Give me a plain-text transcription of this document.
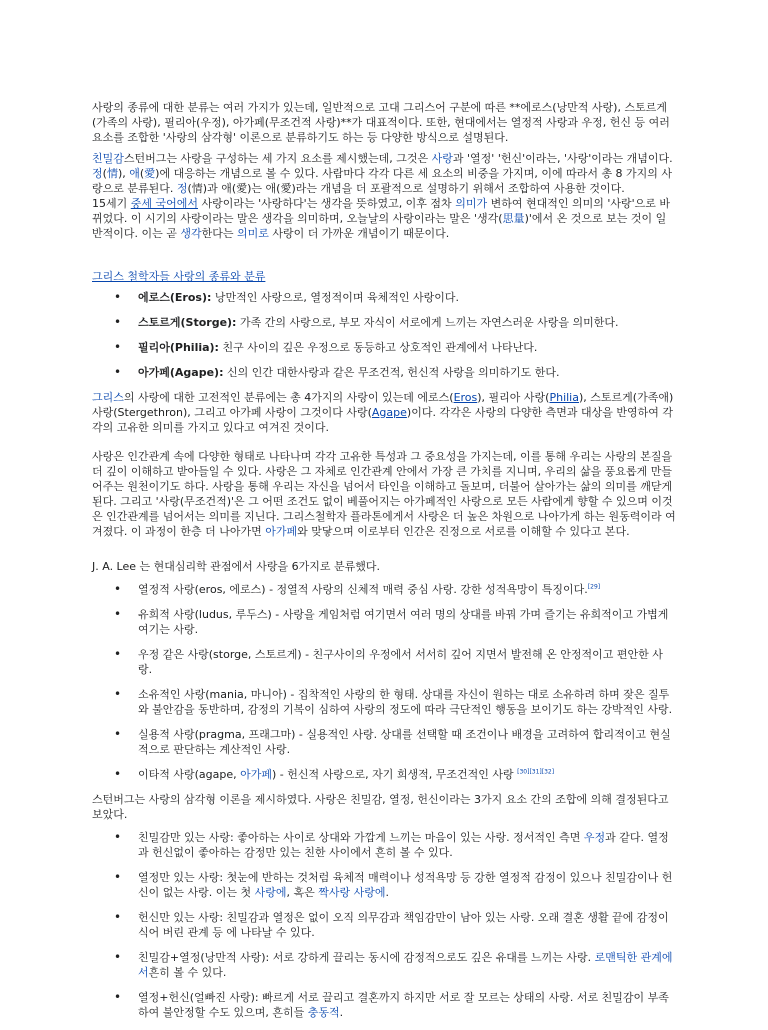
사랑의 종류에 대한 분류는 여러 가지가 있는데, 일반적으로 고대 그리스어 구분에 따른 **에로스(낭만적 사랑), 스토르게(가족의 사랑), 필리아(우정), 아가페(무조건적 사랑)**가 대표적이다. 또한, 현대에서는 열정적 사랑과 우정, 헌신 등 여러 요소를 조합한 '사랑의 삼각형' 이론으로 분류하기도 하는 등 다양한 방식으로 설명된다.

친밀감스턴버그는 사랑을 구성하는 세 가지 요소를 제시했는데, 그것은 사랑과 '열정' '헌신'이라는, '사랑'이라는 개념이다. 정(情), 애(愛)에 대응하는 개념으로 볼 수 있다. 사람마다 각각 다른 세 요소의 비중을 가지며, 이에 따라서 총 8 가지의 사랑으로 분류된다. 정(情)과 애(愛)는 애(愛)라는 개념을 더 포괄적으로 설명하기 위해서 조합하여 사용한 것이다.

15세기 중세 국어에서 사랑이라는 '사랑하다'는 생각을 뜻하였고, 이후 점차 의미가 변하여 현대적인 의미의 '사랑'으로 바뀌었다. 이 시기의 사랑이라는 말은 생각을 의미하며, 오늘날의 사랑이라는 말은 '생각(思量)'에서 온 것으로 보는 것이 일반적이다. 이는 곧 생각한다는 의미로 사랑이 더 가까운 개념이기 때문이다.

그리스 철학자들 사랑의 종류와 분류
• 에로스(Eros): 낭만적인 사랑으로, 열정적이며 육체적인 사랑이다.
• 스토르게(Storge): 가족 간의 사랑으로, 부모 자식이 서로에게 느끼는 자연스러운 사랑을 의미한다.
• 필리아(Philia): 친구 사이의 깊은 우정으로 동등하고 상호적인 관계에서 나타난다.
• 아가페(Agape): 신의 인간 대한사랑과 같은 무조건적, 헌신적 사랑을 의미하기도 한다.

그리스의 사랑에 대한 고전적인 분류에는 총 4가지의 사랑이 있는데 에로스(Eros), 필리아 사랑(Philia), 스토르게(가족애) 사랑(Stergethron), 그리고 아가페 사랑이 그것이다 사랑(Agape)이다. 각각은 사랑의 다양한 측면과 대상을 반영하여 각각의 고유한 의미를 가지고 있다고 여겨진 것이다.

사랑은 인간관계 속에 다양한 형태로 나타나며 각각 고유한 특성과 그 중요성을 가지는데, 이를 통해 우리는 사랑의 본질을 더 깊이 이해하고 받아들일 수 있다. 사랑은 그 자체로 인간관계 안에서 가장 큰 가치를 지니며, 우리의 삶을 풍요롭게 만들어주는 원천이기도 하다. 사랑을 통해 우리는 자신을 넘어서 타인을 이해하고 돌보며, 더불어 살아가는 삶의 의미를 깨닫게 된다. 그리고 '사랑(무조건적)'은 그 어떤 조건도 없이 베풀어지는 아가페적인 사랑으로 모든 사람에게 향할 수 있으며 이것은 인간관계를 넘어서는 의미를 지닌다. 그리스철학자 플라톤에게서 사랑은 더 높은 차원으로 나아가게 하는 원동력이라 여겨졌다. 이 과정이 한층 더 나아가면 아가페와 맞닿으며 이로부터 인간은 진정으로 서로를 이해할 수 있다고 본다.

J. A. Lee 는 현대심리학 관점에서 사랑을 6가지로 분류했다.

• 열정적 사랑(eros, 에로스) - 정열적 사랑의 신체적 매력 중심 사랑. 강한 성적욕망이 특징이다.[29]
• 유희적 사랑(ludus, 루두스) - 사랑을 게임처럼 여기면서 여러 명의 상대를 바꿔 가며 즐기는 유희적이고 가볍게 여기는 사랑.
• 우정 같은 사랑(storge, 스토르게) - 친구사이의 우정에서 서서히 깊어 지면서 발전해 온 안정적이고 편안한 사랑.
• 소유적인 사랑(mania, 마니아) - 집착적인 사랑의 한 형태. 상대를 자신이 원하는 대로 소유하려 하며 잦은 질투와 불안감을 동반하며, 감정의 기복이 심하여 사랑의 정도에 따라 극단적인 행동을 보이기도 하는 강박적인 사랑.
• 실용적 사랑(pragma, 프래그마) - 실용적인 사랑. 상대를 선택할 때 조건이나 배경을 고려하여 합리적이고 현실적으로 판단하는 계산적인 사랑.
• 이타적 사랑(agape, 아가페) - 헌신적 사랑으로, 자기 희생적, 무조건적인 사랑 [30][31][32]

스턴버그는 사랑의 삼각형 이론을 제시하였다. 사랑은 친밀감, 열정, 헌신이라는 3가지 요소 간의 조합에 의해 결정된다고 보았다.

• 친밀감만 있는 사랑: 좋아하는 사이로 상대와 가깝게 느끼는 마음이 있는 사랑. 정서적인 측면 우정과 같다. 열정과 헌신없이 좋아하는 감정만 있는 친한 사이에서 흔히 볼 수 있다.
• 열정만 있는 사랑: 첫눈에 반하는 것처럼 육체적 매력이나 성적욕망 등 강한 열정적 감정이 있으나 친밀감이나 헌신이 없는 사랑. 이는 첫 사랑에, 혹은 짝사랑 사랑에.
• 헌신만 있는 사랑: 친밀감과 열정은 없이 오직 의무감과 책임감만이 남아 있는 사랑. 오래 결혼 생활 끝에 감정이 식어 버린 관계 등 에 나타날 수 있다.
• 친밀감+열정(낭만적 사랑): 서로 강하게 끌리는 동시에 감정적으로도 깊은 유대를 느끼는 사랑. 로맨틱한 관계에서흔히 볼 수 있다.
• 열정+헌신(얼빠진 사랑): 빠르게 서로 끌리고 결혼까지 하지만 서로 잘 모르는 상태의 사랑. 서로 친밀감이 부족하여 불안정할 수도 있으며, 흔히들 충동적.
